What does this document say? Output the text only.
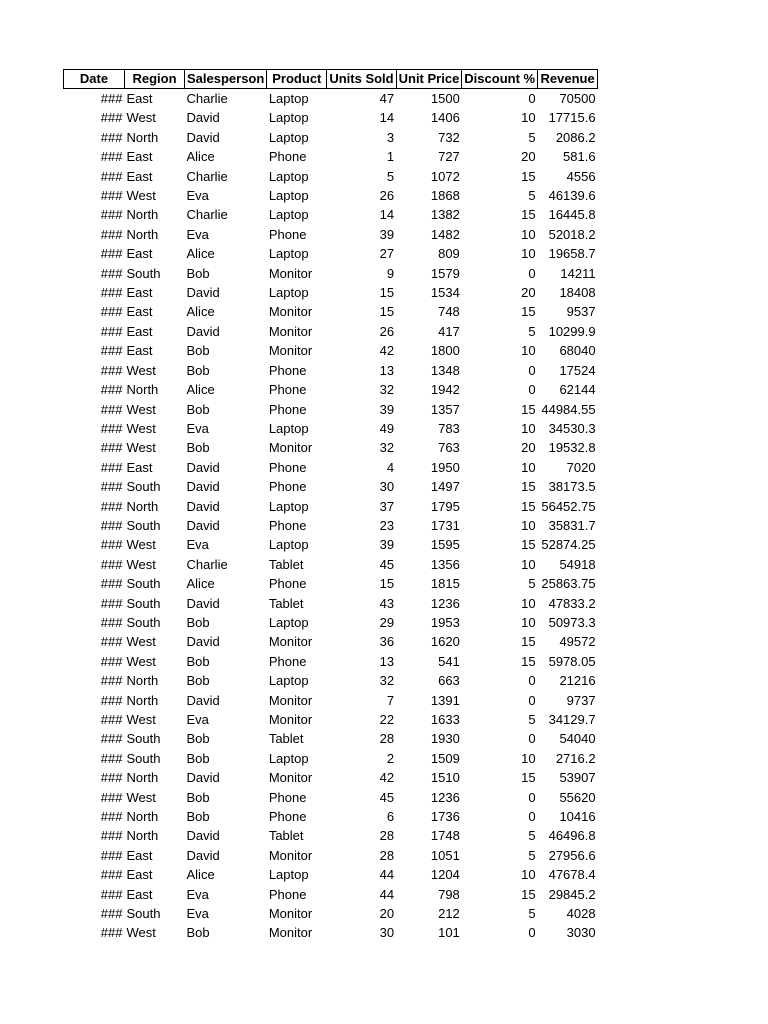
Date	Region	Salesperson	Product	Units Sold	Unit Price	Discount %	Revenue
###	East	Charlie	Laptop	47	1500	0	70500
###	West	David	Laptop	14	1406	10	17715.6
###	North	David	Laptop	3	732	5	2086.2
###	East	Alice	Phone	1	727	20	581.6
###	East	Charlie	Laptop	5	1072	15	4556
###	West	Eva	Laptop	26	1868	5	46139.6
###	North	Charlie	Laptop	14	1382	15	16445.8
###	North	Eva	Phone	39	1482	10	52018.2
###	East	Alice	Laptop	27	809	10	19658.7
###	South	Bob	Monitor	9	1579	0	14211
###	East	David	Laptop	15	1534	20	18408
###	East	Alice	Monitor	15	748	15	9537
###	East	David	Monitor	26	417	5	10299.9
###	East	Bob	Monitor	42	1800	10	68040
###	West	Bob	Phone	13	1348	0	17524
###	North	Alice	Phone	32	1942	0	62144
###	West	Bob	Phone	39	1357	15	44984.55
###	West	Eva	Laptop	49	783	10	34530.3
###	West	Bob	Monitor	32	763	20	19532.8
###	East	David	Phone	4	1950	10	7020
###	South	David	Phone	30	1497	15	38173.5
###	North	David	Laptop	37	1795	15	56452.75
###	South	David	Phone	23	1731	10	35831.7
###	West	Eva	Laptop	39	1595	15	52874.25
###	West	Charlie	Tablet	45	1356	10	54918
###	South	Alice	Phone	15	1815	5	25863.75
###	South	David	Tablet	43	1236	10	47833.2
###	South	Bob	Laptop	29	1953	10	50973.3
###	West	David	Monitor	36	1620	15	49572
###	West	Bob	Phone	13	541	15	5978.05
###	North	Bob	Laptop	32	663	0	21216
###	North	David	Monitor	7	1391	0	9737
###	West	Eva	Monitor	22	1633	5	34129.7
###	South	Bob	Tablet	28	1930	0	54040
###	South	Bob	Laptop	2	1509	10	2716.2
###	North	David	Monitor	42	1510	15	53907
###	West	Bob	Phone	45	1236	0	55620
###	North	Bob	Phone	6	1736	0	10416
###	North	David	Tablet	28	1748	5	46496.8
###	East	David	Monitor	28	1051	5	27956.6
###	East	Alice	Laptop	44	1204	10	47678.4
###	East	Eva	Phone	44	798	15	29845.2
###	South	Eva	Monitor	20	212	5	4028
###	West	Bob	Monitor	30	101	0	3030
